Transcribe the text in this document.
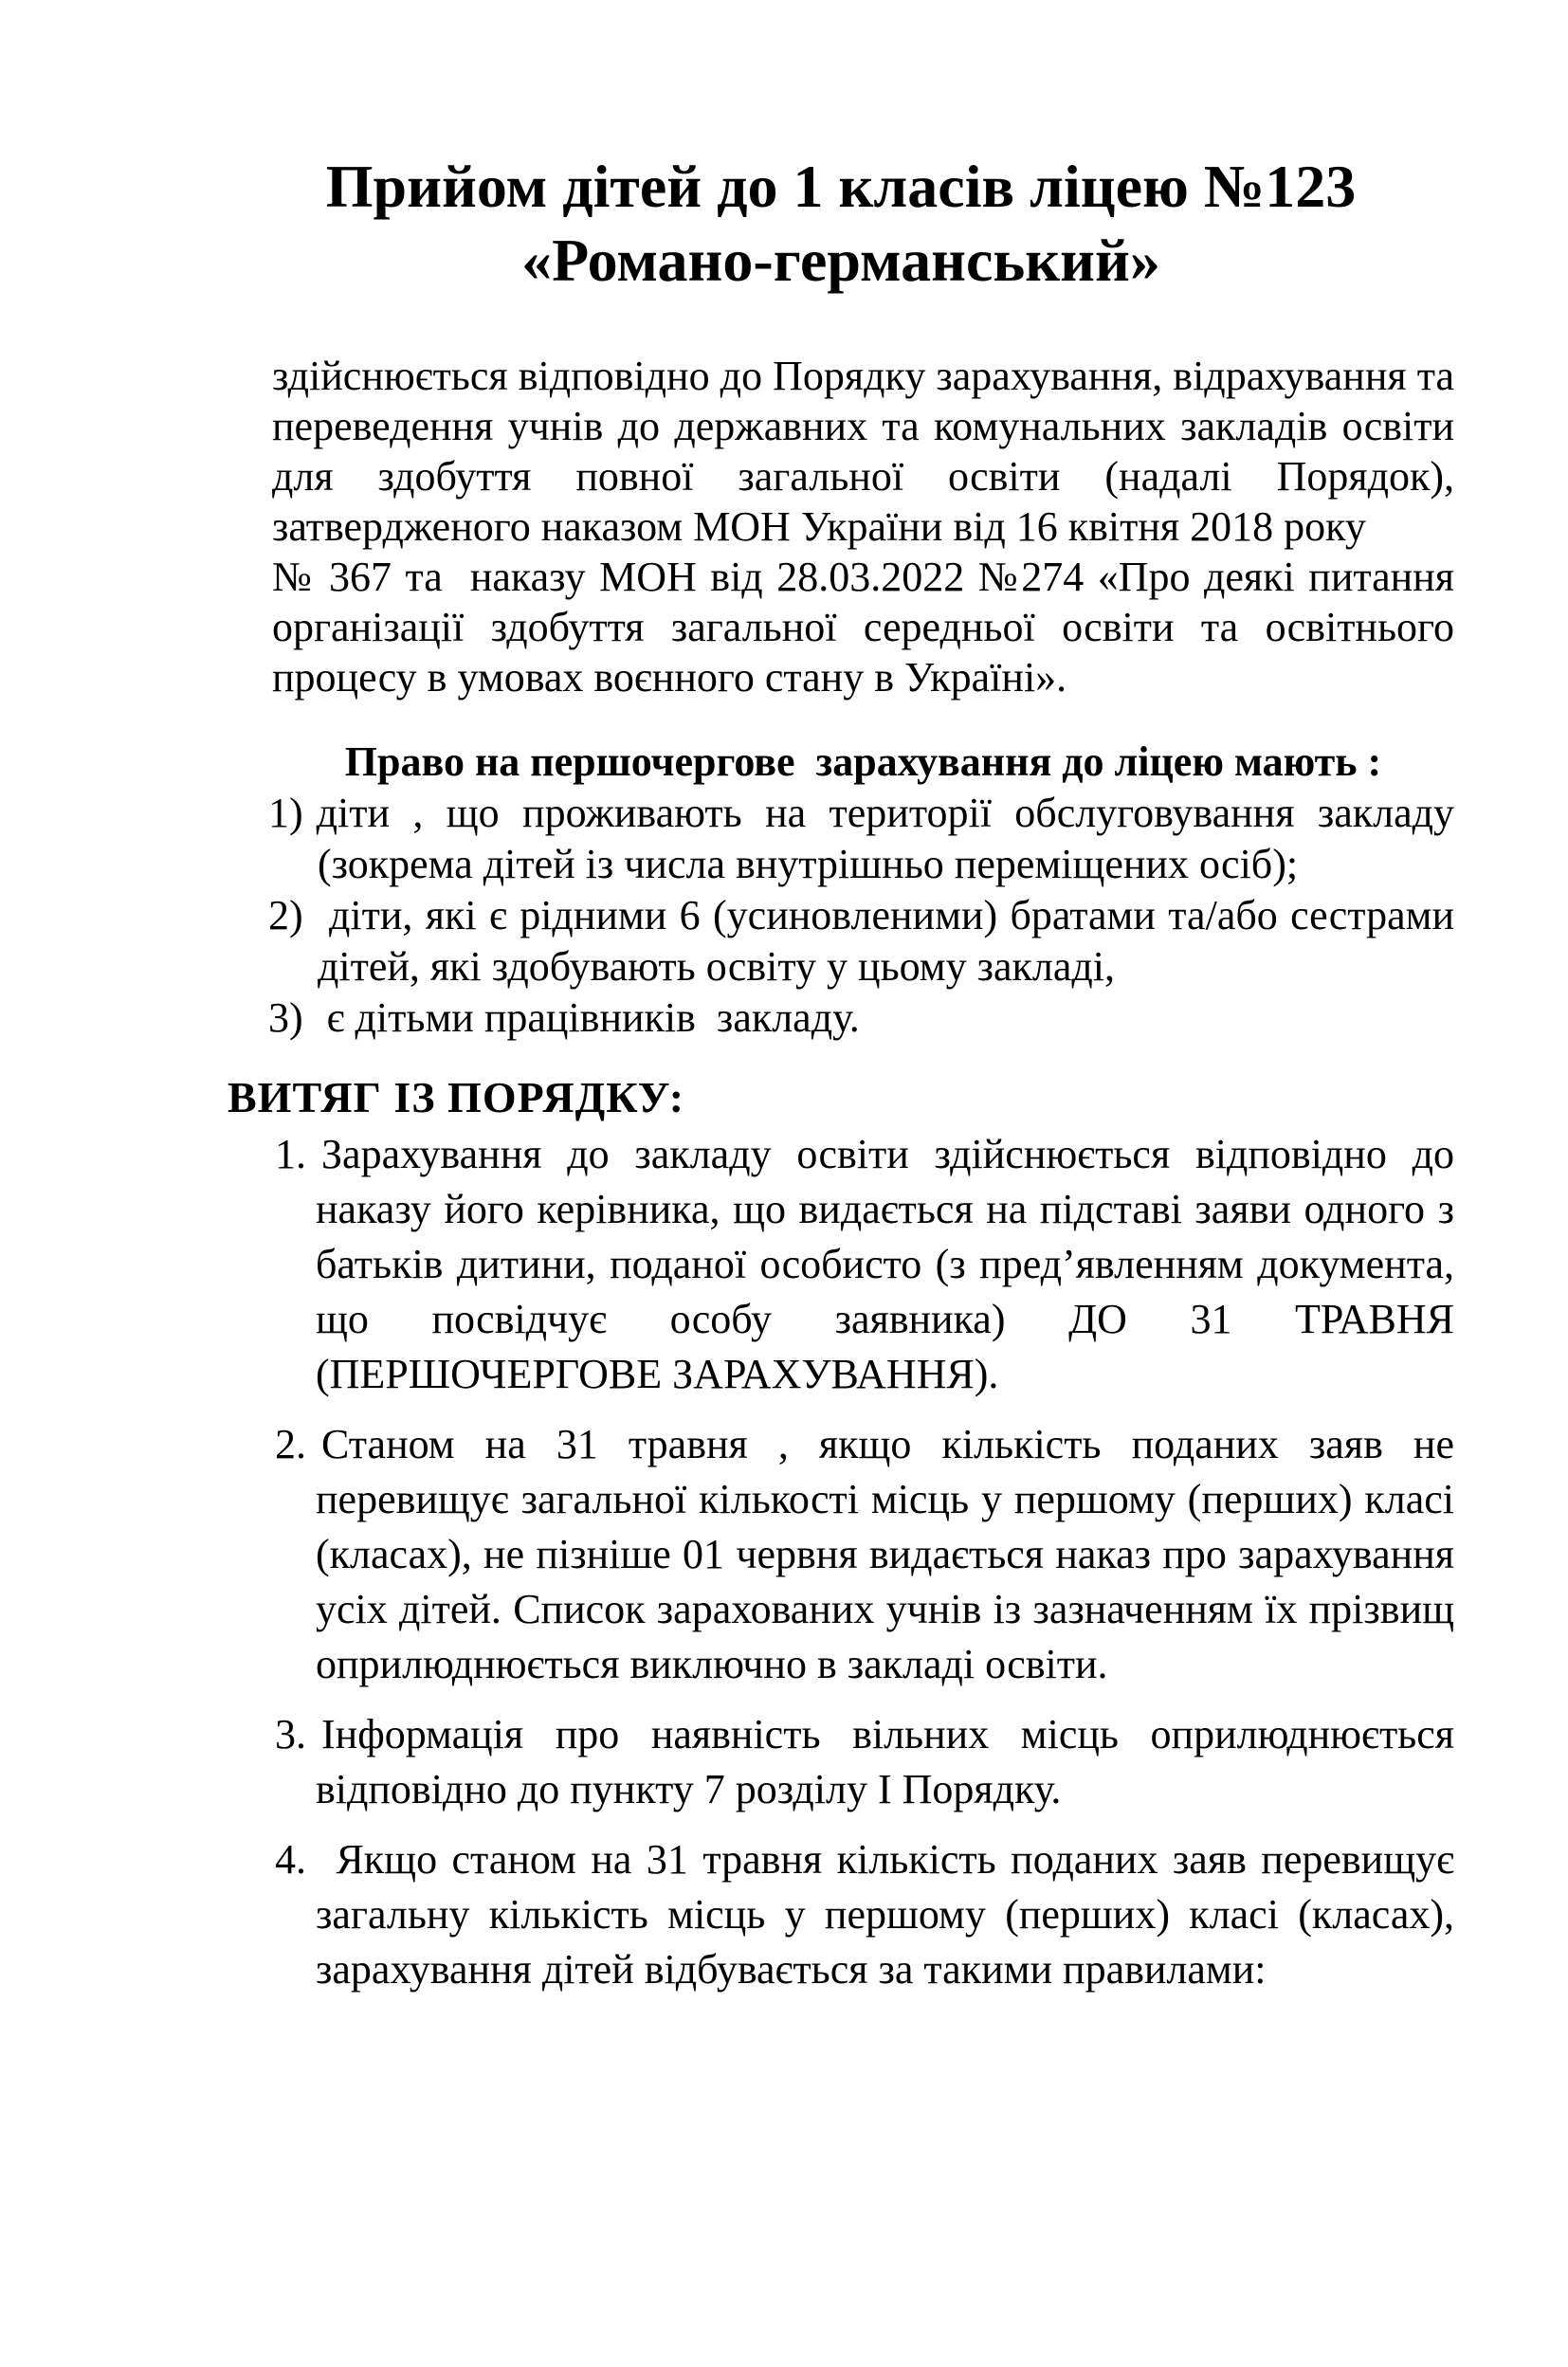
Прийом дітей до 1 класів ліцею №123
«Романо-германський»

здійснюється відповідно до Порядку зарахування, відрахування та переведення учнів до державних та комунальних закладів освіти для здобуття повної загальної освіти (надалі Порядок), затвердженого наказом МОН України від 16 квітня 2018 року

№ 367 та  наказу МОН від 28.03.2022 №274 «Про деякі питання організації здобуття загальної середньої освіти та освітнього процесу в умовах воєнного стану в Україні».

Право на першочергове  зарахування до ліцею мають :
1) діти , що проживають на території обслуговування закладу (зокрема дітей із числа внутрішньо переміщених осіб);
2) діти, які є рідними 6 (усиновленими) братами та/або сестрами дітей, які здобувають освіту у цьому закладі,
3) є дітьми працівників  закладу.
ВИТЯГ ІЗ ПОРЯДКУ:
1. Зарахування до закладу освіти здійснюється відповідно до наказу його керівника, що видається на підставі заяви одного з батьків дитини, поданої особисто (з пред’явленням документа, що посвідчує особу заявника) ДО 31 ТРАВНЯ (ПЕРШОЧЕРГОВЕ ЗАРАХУВАННЯ).
2. Станом на 31 травня , якщо кількість поданих заяв не перевищує загальної кількості місць у першому (перших) класі (класах), не пізніше 01 червня видається наказ про зарахування усіх дітей. Список зарахованих учнів із зазначенням їх прізвищ оприлюднюється виключно в закладі освіти.
3. Інформація про наявність вільних місць оприлюднюється відповідно до пункту 7 розділу І Порядку.
4. Якщо станом на 31 травня кількість поданих заяв перевищує загальну кількість місць у першому (перших) класі (класах), зарахування дітей відбувається за такими правилами:
